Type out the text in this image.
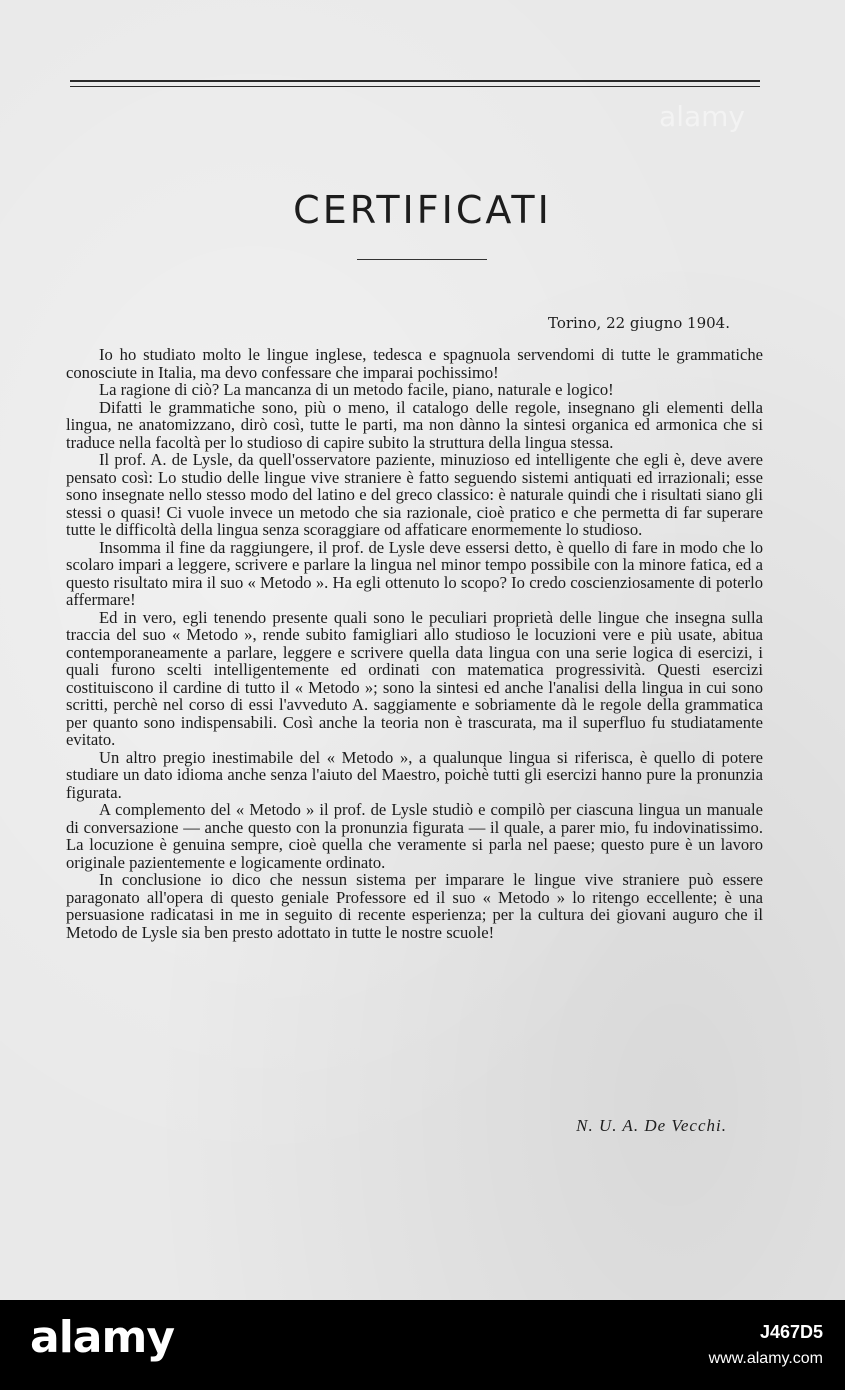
alamy
CERTIFICATI
Torino, 22 giugno 1904.

Io ho studiato molto le lingue inglese, tedesca e spagnuola servendomi di tutte le grammatiche conosciute in Italia, ma devo confessare che imparai pochissimo!

La ragione di ciò? La mancanza di un metodo facile, piano, naturale e logico!

Difatti le grammatiche sono, più o meno, il catalogo delle regole, insegnano gli elementi della lingua, ne anatomizzano, dirò così, tutte le parti, ma non dànno la sintesi organica ed armonica che si traduce nella facoltà per lo studioso di capire subito la struttura della lingua stessa.

Il prof. A. de Lysle, da quell'osservatore paziente, minuzioso ed intelligente che egli è, deve avere pensato così: Lo studio delle lingue vive straniere è fatto seguendo sistemi antiquati ed irrazionali; esse sono insegnate nello stesso modo del latino e del greco classico: è naturale quindi che i risultati siano gli stessi o quasi! Ci vuole invece un metodo che sia razionale, cioè pratico e che permetta di far superare tutte le difficoltà della lingua senza scoraggiare od affaticare enormemente lo studioso.

Insomma il fine da raggiungere, il prof. de Lysle deve essersi detto, è quello di fare in modo che lo scolaro impari a leggere, scrivere e parlare la lingua nel minor tempo possibile con la minore fatica, ed a questo risultato mira il suo « Metodo ». Ha egli ottenuto lo scopo? Io credo coscienziosamente di poterlo affermare!

Ed in vero, egli tenendo presente quali sono le peculiari proprietà delle lingue che insegna sulla traccia del suo « Metodo », rende subito famigliari allo studioso le locuzioni vere e più usate, abitua contemporaneamente a parlare, leggere e scrivere quella data lingua con una serie logica di esercizi, i quali furono scelti intelligentemente ed ordinati con matematica progressività. Questi esercizi costituiscono il cardine di tutto il « Metodo »; sono la sintesi ed anche l'analisi della lingua in cui sono scritti, perchè nel corso di essi l'avveduto A. saggiamente e sobriamente dà le regole della grammatica per quanto sono indispensabili. Così anche la teoria non è trascurata, ma il superfluo fu studiatamente evitato.

Un altro pregio inestimabile del « Metodo », a qualunque lingua si riferisca, è quello di potere studiare un dato idioma anche senza l'aiuto del Maestro, poichè tutti gli esercizi hanno pure la pronunzia figurata.

A complemento del « Metodo » il prof. de Lysle studiò e compilò per ciascuna lingua un manuale di conversazione — anche questo con la pronunzia figurata — il quale, a parer mio, fu indovinatissimo. La locuzione è genuina sempre, cioè quella che veramente si parla nel paese; questo pure è un lavoro originale pazientemente e logicamente ordinato.

In conclusione io dico che nessun sistema per imparare le lingue vive straniere può essere paragonato all'opera di questo geniale Professore ed il suo « Metodo » lo ritengo eccellente; è una persuasione radicatasi in me in seguito di recente esperienza; per la cultura dei giovani auguro che il Metodo de Lysle sia ben presto adottato in tutte le nostre scuole!

N. U. A. De Vecchi.
alamy	J467D5
www.alamy.com
